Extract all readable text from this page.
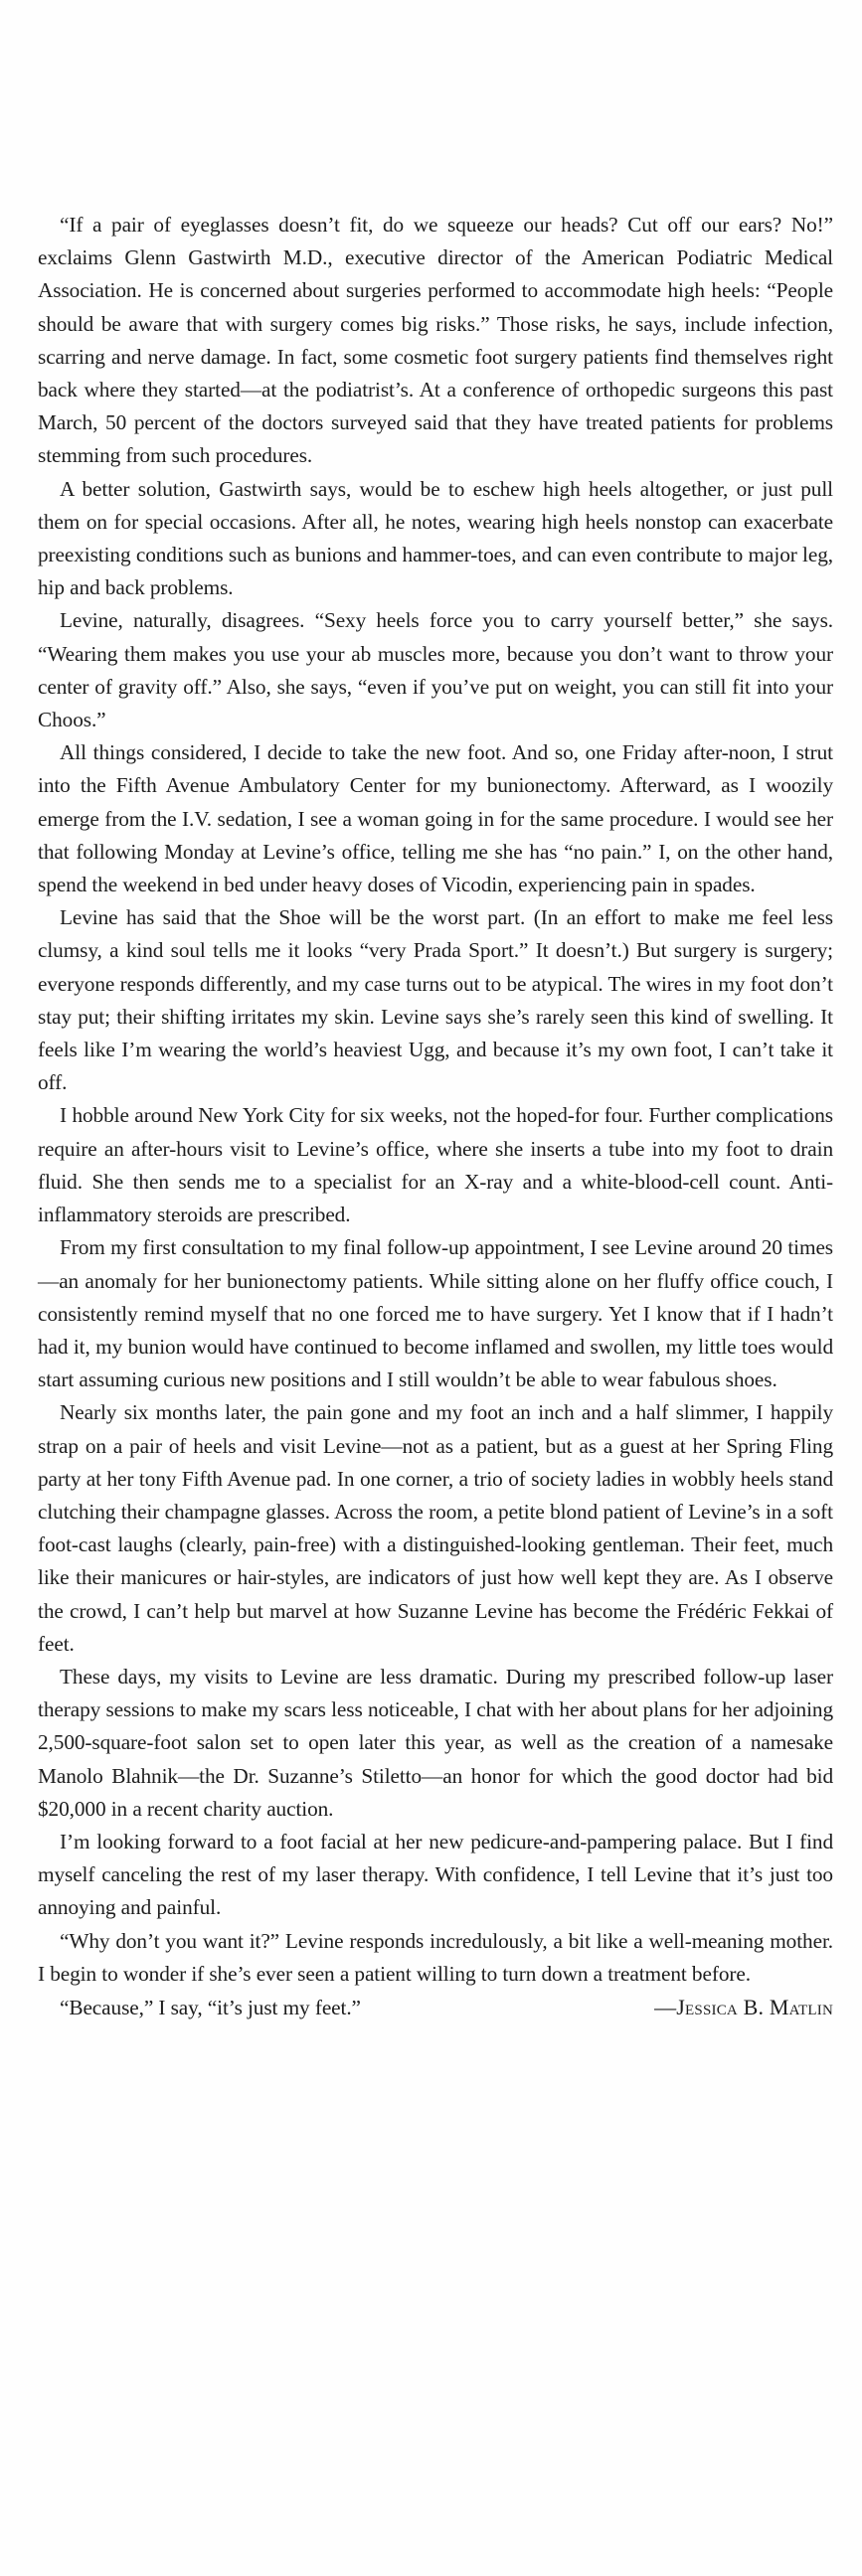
“If a pair of eyeglasses doesn’t fit, do we squeeze our heads? Cut off our ears? No!” exclaims Glenn Gastwirth M.D., executive director of the American Podiatric Medical Association. He is concerned about surgeries performed to accommodate high heels: “People should be aware that with surgery comes big risks.” Those risks, he says, include infection, scarring and nerve damage. In fact, some cosmetic foot surgery patients find themselves right back where they started—at the podiatrist’s. At a conference of orthopedic surgeons this past March, 50 percent of the doctors surveyed said that they have treated patients for problems stemming from such procedures.

A better solution, Gastwirth says, would be to eschew high heels altogether, or just pull them on for special occasions. After all, he notes, wearing high heels nonstop can exacerbate preexisting conditions such as bunions and hammer-toes, and can even contribute to major leg, hip and back problems.

Levine, naturally, disagrees. “Sexy heels force you to carry yourself better,” she says. “Wearing them makes you use your ab muscles more, because you don’t want to throw your center of gravity off.” Also, she says, “even if you’ve put on weight, you can still fit into your Choos.”

All things considered, I decide to take the new foot. And so, one Friday after-noon, I strut into the Fifth Avenue Ambulatory Center for my bunionectomy. Afterward, as I woozily emerge from the I.V. sedation, I see a woman going in for the same procedure. I would see her that following Monday at Levine’s office, telling me she has “no pain.” I, on the other hand, spend the weekend in bed under heavy doses of Vicodin, experiencing pain in spades.

Levine has said that the Shoe will be the worst part. (In an effort to make me feel less clumsy, a kind soul tells me it looks “very Prada Sport.” It doesn’t.) But surgery is surgery; everyone responds differently, and my case turns out to be atypical. The wires in my foot don’t stay put; their shifting irritates my skin. Levine says she’s rarely seen this kind of swelling. It feels like I’m wearing the world’s heaviest Ugg, and because it’s my own foot, I can’t take it off.

I hobble around New York City for six weeks, not the hoped-for four. Further complications require an after-hours visit to Levine’s office, where she inserts a tube into my foot to drain fluid. She then sends me to a specialist for an X-ray and a white-blood-cell count. Anti-inflammatory steroids are prescribed.

From my first consultation to my final follow-up appointment, I see Levine around 20 times—an anomaly for her bunionectomy patients. While sitting alone on her fluffy office couch, I consistently remind myself that no one forced me to have surgery. Yet I know that if I hadn’t had it, my bunion would have continued to become inflamed and swollen, my little toes would start assuming curious new positions and I still wouldn’t be able to wear fabulous shoes.

Nearly six months later, the pain gone and my foot an inch and a half slimmer, I happily strap on a pair of heels and visit Levine—not as a patient, but as a guest at her Spring Fling party at her tony Fifth Avenue pad. In one corner, a trio of society ladies in wobbly heels stand clutching their champagne glasses. Across the room, a petite blond patient of Levine’s in a soft foot-cast laughs (clearly, pain-free) with a distinguished-looking gentleman. Their feet, much like their manicures or hair-styles, are indicators of just how well kept they are. As I observe the crowd, I can’t help but marvel at how Suzanne Levine has become the Frédéric Fekkai of feet.

These days, my visits to Levine are less dramatic. During my prescribed follow-up laser therapy sessions to make my scars less noticeable, I chat with her about plans for her adjoining 2,500-square-foot salon set to open later this year, as well as the creation of a namesake Manolo Blahnik—the Dr. Suzanne’s Stiletto—an honor for which the good doctor had bid $20,000 in a recent charity auction.

I’m looking forward to a foot facial at her new pedicure-and-pampering palace. But I find myself canceling the rest of my laser therapy. With confidence, I tell Levine that it’s just too annoying and painful.

“Why don’t you want it?” Levine responds incredulously, a bit like a well-meaning mother. I begin to wonder if she’s ever seen a patient willing to turn down a treatment before.

“Because,” I say, “it’s just my feet.”	—Jessica B. Matlin
